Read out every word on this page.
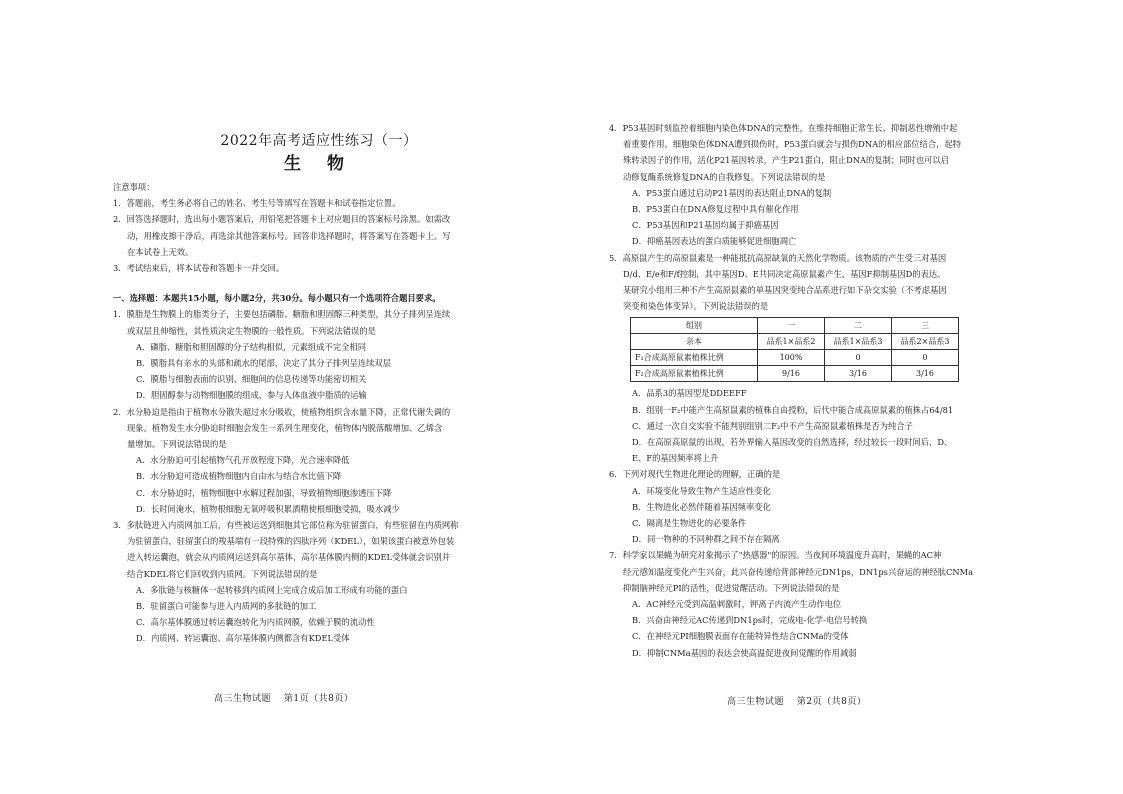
2022年高考适应性练习（一）
生 物
注意事项：
1．答题前，考生务必将自己的姓名、考生号等填写在答题卡和试卷指定位置。
2．回答选择题时，选出每小题答案后，用铅笔把答题卡上对应题目的答案标号涂黑。如需改
动，用橡皮擦干净后，再选涂其他答案标号。回答非选择题时，将答案写在答题卡上。写
在本试卷上无效。
3．考试结束后，将本试卷和答题卡一并交回。
一、选择题：本题共15小题，每小题2分，共30分。每小题只有一个选项符合题目要求。
1．膜脂是生物膜上的脂类分子，主要包括磷脂、糖脂和胆固醇三种类型，其分子排列呈连续
或双层且伸缩性，其性质决定生物膜的一般性质。下列说法错误的是
A．磷脂、糖脂和胆固醇的分子结构相似，元素组成不完全相同
B．膜脂具有亲水的头部和疏水的尾部，决定了其分子排列呈连续双层
C．膜脂与细胞表面的识别、细胞间的信息传递等功能密切相关
D．胆固醇参与动物细胞膜的组成，参与人体血液中脂质的运输
2．水分胁迫是指由于植物水分散失超过水分吸收，使植物组织含水量下降，正常代谢失调的
现象。植物发生水分胁迫时细胞会发生一系列生理变化，植物体内脱落酸增加、乙烯含
量增加。下列说法错误的是
A．水分胁迫可引起植物气孔开放程度下降，光合速率降低
B．水分胁迫可造成植物细胞内自由水与结合水比值下降
C．水分胁迫时，植物细胞中水解过程加强，导致植物细胞渗透压下降
D．长时间淹水，植物根细胞无氧呼吸积累酒精使根细胞受损，吸水减少
3．多肽链进入内质网加工后，有些被运送到细胞其它部位称为驻留蛋白，有些驻留在内质网称
为驻留蛋白，驻留蛋白的羧基端有一段特殊的四肽序列（KDEL），如果该蛋白被意外包装
进入转运囊泡，就会从内质网运送到高尔基体，高尔基体膜内侧的KDEL受体就会识别并
结合KDEL将它们回收到内质网。下列说法错误的是
A．多肽链与核糖体一起转移到内质网上完成合成后加工形成有功能的蛋白
B．驻留蛋白可能参与进入内质网的多肽链的加工
C．高尔基体膜通过转运囊泡转化为内质网膜，依赖于膜的流动性
D．内质网、转运囊泡、高尔基体膜内侧都含有KDEL受体
高三生物试题　 第1页（共8页）
4．P53基因时刻监控着细胞内染色体DNA的完整性，在维持细胞正常生长、抑制恶性增殖中起
着重要作用。细胞染色体DNA遭到损伤时，P53蛋白就会与损伤DNA的相应部位结合，起特
殊转录因子的作用，活化P21基因转录，产生P21蛋白，阻止DNA的复制；同时也可以启
动修复酶系统修复DNA的自我修复。下列说法错误的是
A．P53蛋白通过启动P21基因的表达阻止DNA的复制
B．P53蛋白在DNA修复过程中具有催化作用
C．P53基因和P21基因均属于抑癌基因
D．抑癌基因表达的蛋白质能够促进细胞凋亡
5．高原鼠产生的高原鼠素是一种能抵抗高原缺氧的天然化学物质。该物质的产生受三对基因
D/d、E/e和F/f控制，其中基因D、E共同决定高原鼠素产生，基因F抑制基因D的表达。
某研究小组用三种不产生高原鼠素的单基因突变纯合品系进行如下杂交实验（不考虑基因
突变和染色体变异）。下列说法错误的是
组别	一	二	三
亲本	品系1×品系2	品系1×品系3	品系2×品系3
F₁合成高原鼠素植株比例	100%	0	0
F₂合成高原鼠素植株比例	9/16	3/16	3/16
A．品系3的基因型是DDEEFF
B．组别一F₂中能产生高原鼠素的植株自由授粉，后代中能合成高原鼠素的植株占64/81
C．通过一次自交实验不能判别组别二F₂中不产生高原鼠素植株是否为纯合子
D．在高原高原鼠的出现，若外界输入基因改变的自然选择，经过较长一段时间后，D、
E、F的基因频率将上升
6．下列对现代生物进化理论的理解，正确的是
A．环境变化导致生物产生适应性变化
B．生物进化必然伴随着基因频率变化
C．隔离是生物进化的必要条件
D．同一物种的不同种群之间不存在隔离
7．科学家以果蝇为研究对象揭示了"热感器"的原因。当夜间环境温度升高时，果蝇的AC神
经元感知温度变化产生兴奋，此兴奋传递给背部神经元DN1ps，DN1ps兴奋运的神经肽CNMa
抑制脑神经元PI的活性，促进觉醒活动。下列说法错误的是
A．AC神经元受到高温刺激时，钾离子内流产生动作电位
B．兴奋由神经元AC传递到DN1ps时，完成电-化学-电信号转换
C．在神经元PI细胞膜表面存在能特异性结合CNMa的受体
D．抑制CNMa基因的表达会使高温促进夜间觉醒的作用减弱
高三生物试题　 第2页（共8页）
